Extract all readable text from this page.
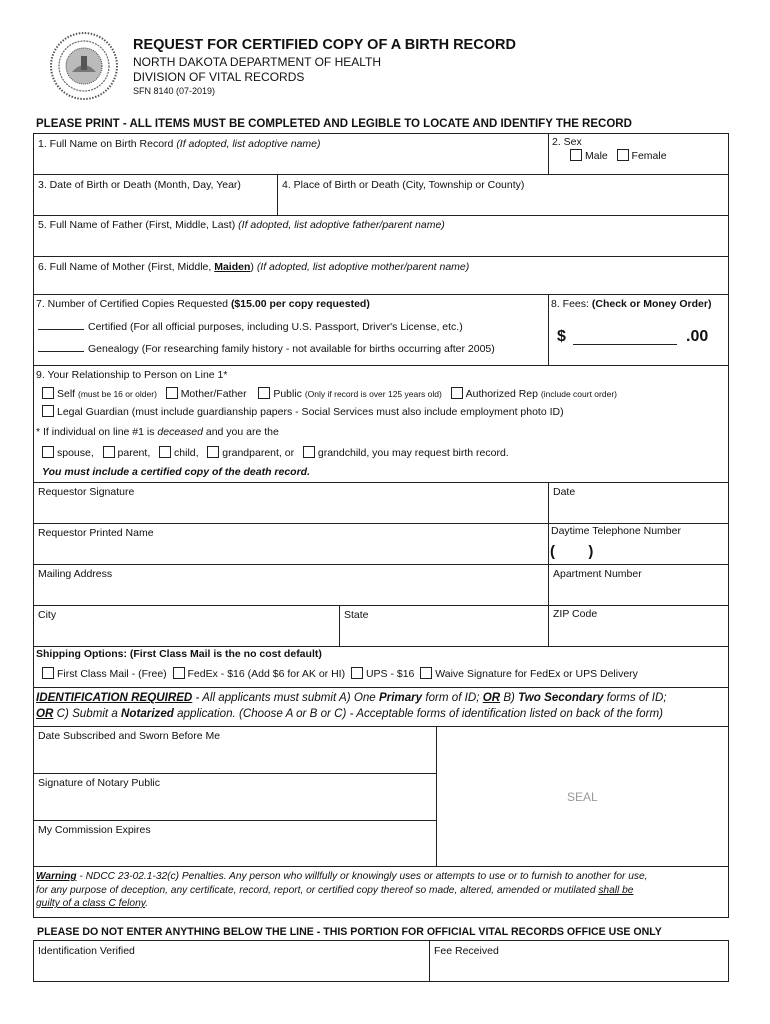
REQUEST FOR CERTIFIED COPY OF A BIRTH RECORD
NORTH DAKOTA DEPARTMENT OF HEALTH
DIVISION OF VITAL RECORDS
SFN 8140 (07-2019)
PLEASE PRINT - ALL ITEMS MUST BE COMPLETED AND LEGIBLE TO LOCATE AND IDENTIFY THE RECORD
1. Full Name on Birth Record (If adopted, list adoptive name)	2. Sex
Male Female
3. Date of Birth or Death (Month, Day, Year)	4. Place of Birth or Death (City, Township or County)
5. Full Name of Father (First, Middle, Last) (If adopted, list adoptive father/parent name)
6. Full Name of Mother (First, Middle, Maiden) (If adopted, list adoptive mother/parent name)
7. Number of Certified Copies Requested ($15.00 per copy requested)
Certified (For all official purposes, including U.S. Passport, Driver's License, etc.)
Genealogy (For researching family history - not available for births occurring after 2005)
8. Fees: (Check or Money Order)
$	.00
9. Your Relationship to Person on Line 1*
Self (must be 16 or older) Mother/Father	Public (Only if record is over 125 years old) Authorized Rep (include court order)
Legal Guardian (must include guardianship papers - Social Services must also include employment photo ID)
* If individual on line #1 is deceased and you are the
spouse, parent, child, grandparent, or grandchild, you may request birth record.
You must include a certified copy of the death record.
Requestor Signature	Date
Requestor Printed Name	Daytime Telephone Number
(        )
Mailing Address	Apartment Number
City	State	ZIP Code
Shipping Options: (First Class Mail is the no cost default)
First Class Mail - (Free) FedEx - $16 (Add $6 for AK or HI) UPS - $16 Waive Signature for FedEx or UPS Delivery
IDENTIFICATION REQUIRED - All applicants must submit A) One Primary form of ID; OR B) Two Secondary forms of ID;
OR C) Submit a Notarized application. (Choose A or B or C) - Acceptable forms of identification listed on back of the form)
Date Subscribed and Sworn Before Me
Signature of Notary Public
My Commission Expires
SEAL
Warning - NDCC 23-02.1-32(c) Penalties. Any person who willfully or knowingly uses or attempts to use or to furnish to another for use,
for any purpose of deception, any certificate, record, report, or certified copy thereof so made, altered, amended or mutilated shall be
guilty of a class C felony.
PLEASE DO NOT ENTER ANYTHING BELOW THE LINE - THIS PORTION FOR OFFICIAL VITAL RECORDS OFFICE USE ONLY
Identification Verified	Fee Received
